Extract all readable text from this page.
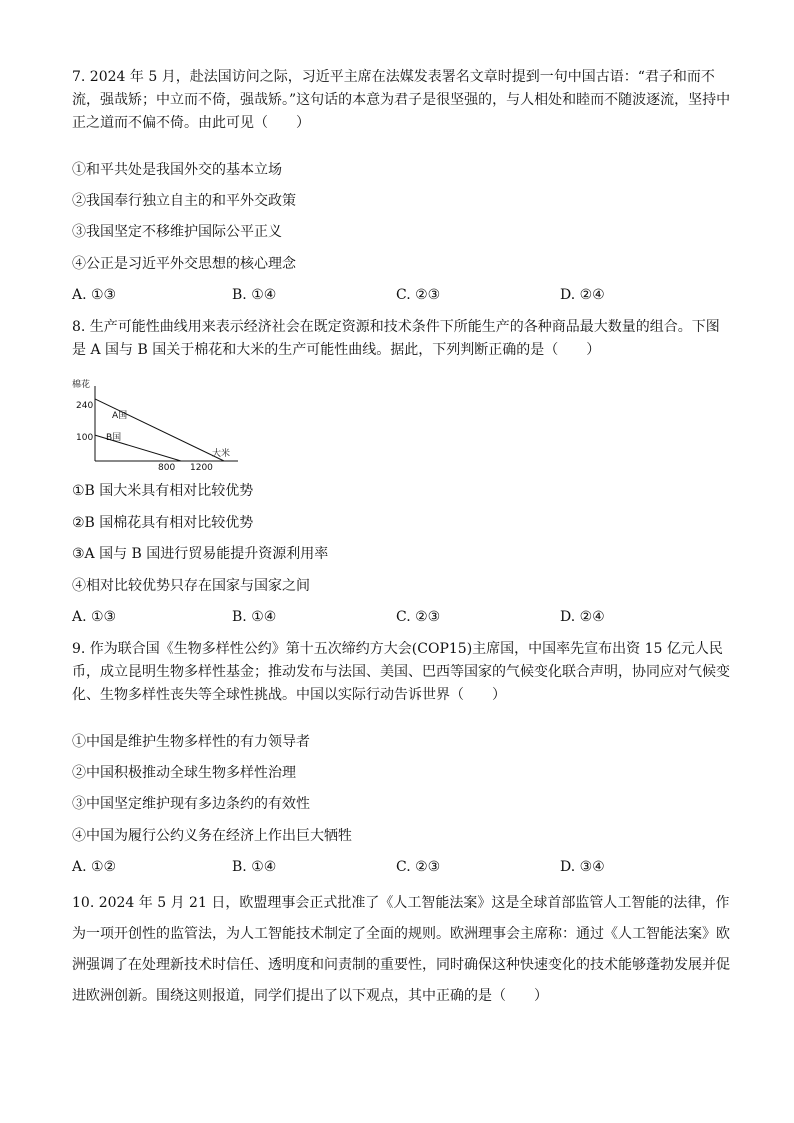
7. 2024 年 5 月，赴法国访问之际，习近平主席在法媒发表署名文章时提到一句中国古语：“君子和而不流，强哉矫；中立而不倚，强哉矫。”这句话的本意为君子是很坚强的，与人相处和睦而不随波逐流，坚持中正之道而不偏不倚。由此可见（　　）
①和平共处是我国外交的基本立场
②我国奉行独立自主的和平外交政策
③我国坚定不移维护国际公平正义
④公正是习近平外交思想的核心理念
A. ①③	B. ①④	C. ②③	D. ②④
8. 生产可能性曲线用来表示经济社会在既定资源和技术条件下所能生产的各种商品最大数量的组合。下图是 A 国与 B 国关于棉花和大米的生产可能性曲线。据此，下列判断正确的是（　　）
棉花
大米
240
100
800 1200
A国
B国
①B 国大米具有相对比较优势
②B 国棉花具有相对比较优势
③A 国与 B 国进行贸易能提升资源利用率
④相对比较优势只存在国家与国家之间
A. ①③	B. ①④	C. ②③	D. ②④
9. 作为联合国《生物多样性公约》第十五次缔约方大会(COP15)主席国，中国率先宣布出资 15 亿元人民币，成立昆明生物多样性基金；推动发布与法国、美国、巴西等国家的气候变化联合声明，协同应对气候变化、生物多样性丧失等全球性挑战。中国以实际行动告诉世界（　　）
①中国是维护生物多样性的有力领导者
②中国积极推动全球生物多样性治理
③中国坚定维护现有多边条约的有效性
④中国为履行公约义务在经济上作出巨大牺牲
A. ①②	B. ①④	C. ②③	D. ③④
10. 2024 年 5 月 21 日，欧盟理事会正式批准了《人工智能法案》这是全球首部监管人工智能的法律，作为一项开创性的监管法，为人工智能技术制定了全面的规则。欧洲理事会主席称：通过《人工智能法案》欧洲强调了在处理新技术时信任、透明度和问责制的重要性，同时确保这种快速变化的技术能够蓬勃发展并促进欧洲创新。围绕这则报道，同学们提出了以下观点，其中正确的是（　　）
